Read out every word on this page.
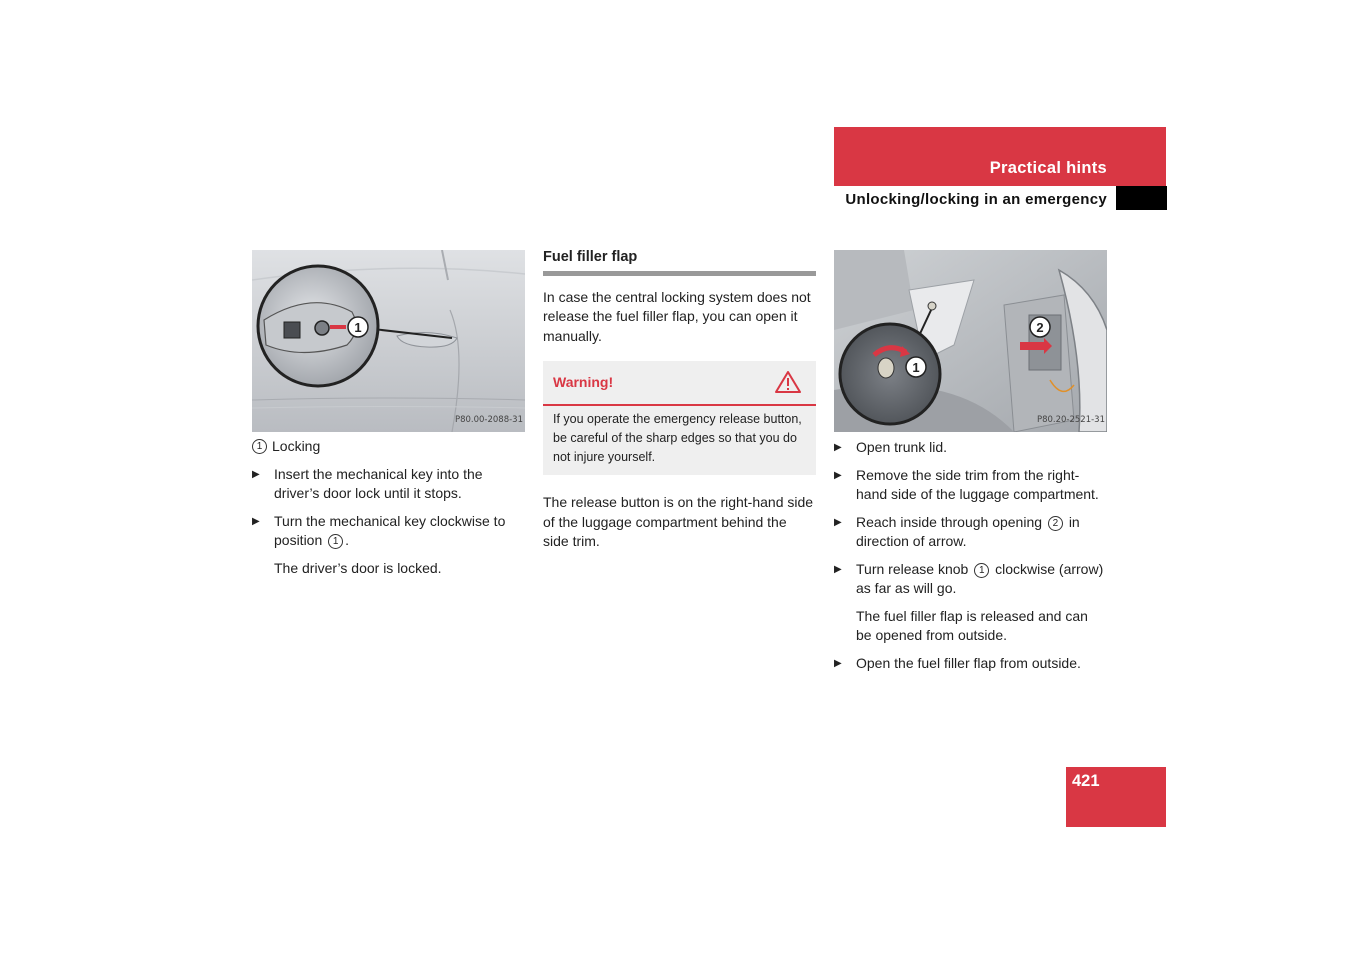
Practical hints
Unlocking/locking in an emergency
1
P80.00-2088-31
1 Locking
▶ Insert the mechanical key into the driver’s door lock until it stops.
▶ Turn the mechanical key clockwise to position 1 .
The driver’s door is locked.
Fuel filler flap
In case the central locking system does not release the fuel filler flap, you can open it manually.
Warning!
If you operate the emergency release button, be careful of the sharp edges so that you do not injure yourself.
The release button is on the right-hand side of the luggage compartment behind the side trim.
2
1
P80.20-2521-31
▶ Open trunk lid.
▶ Remove the side trim from the right-hand side of the luggage compartment.
▶ Reach inside through opening 2 in direction of arrow.
▶ Turn release knob 1 clockwise (arrow) as far as will go.
The fuel filler flap is released and can be opened from outside.
▶ Open the fuel filler flap from outside.
421
